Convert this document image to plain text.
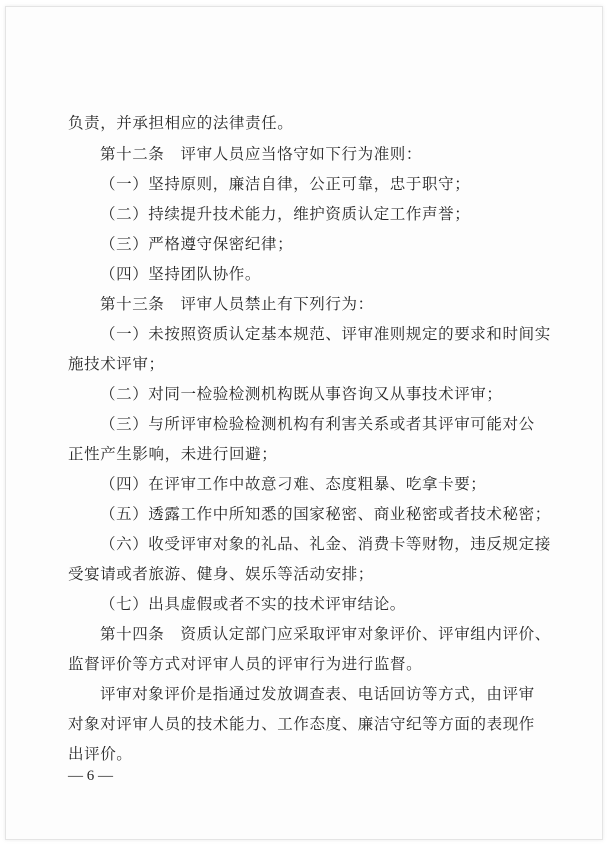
负责，并承担相应的法律责任。
第十二条　评审人员应当恪守如下行为准则：
（一）坚持原则，廉洁自律，公正可靠，忠于职守；
（二）持续提升技术能力，维护资质认定工作声誉；
（三）严格遵守保密纪律；
（四）坚持团队协作。
第十三条　评审人员禁止有下列行为：
（一）未按照资质认定基本规范、评审准则规定的要求和时间实
施技术评审；
（二）对同一检验检测机构既从事咨询又从事技术评审；
（三）与所评审检验检测机构有利害关系或者其评审可能对公
正性产生影响，未进行回避；
（四）在评审工作中故意刁难、态度粗暴、吃拿卡要；
（五）透露工作中所知悉的国家秘密、商业秘密或者技术秘密；
（六）收受评审对象的礼品、礼金、消费卡等财物，违反规定接
受宴请或者旅游、健身、娱乐等活动安排；
（七）出具虚假或者不实的技术评审结论。
第十四条　资质认定部门应采取评审对象评价、评审组内评价、
监督评价等方式对评审人员的评审行为进行监督。
评审对象评价是指通过发放调查表、电话回访等方式，由评审
对象对评审人员的技术能力、工作态度、廉洁守纪等方面的表现作
出评价。
— 6 —
